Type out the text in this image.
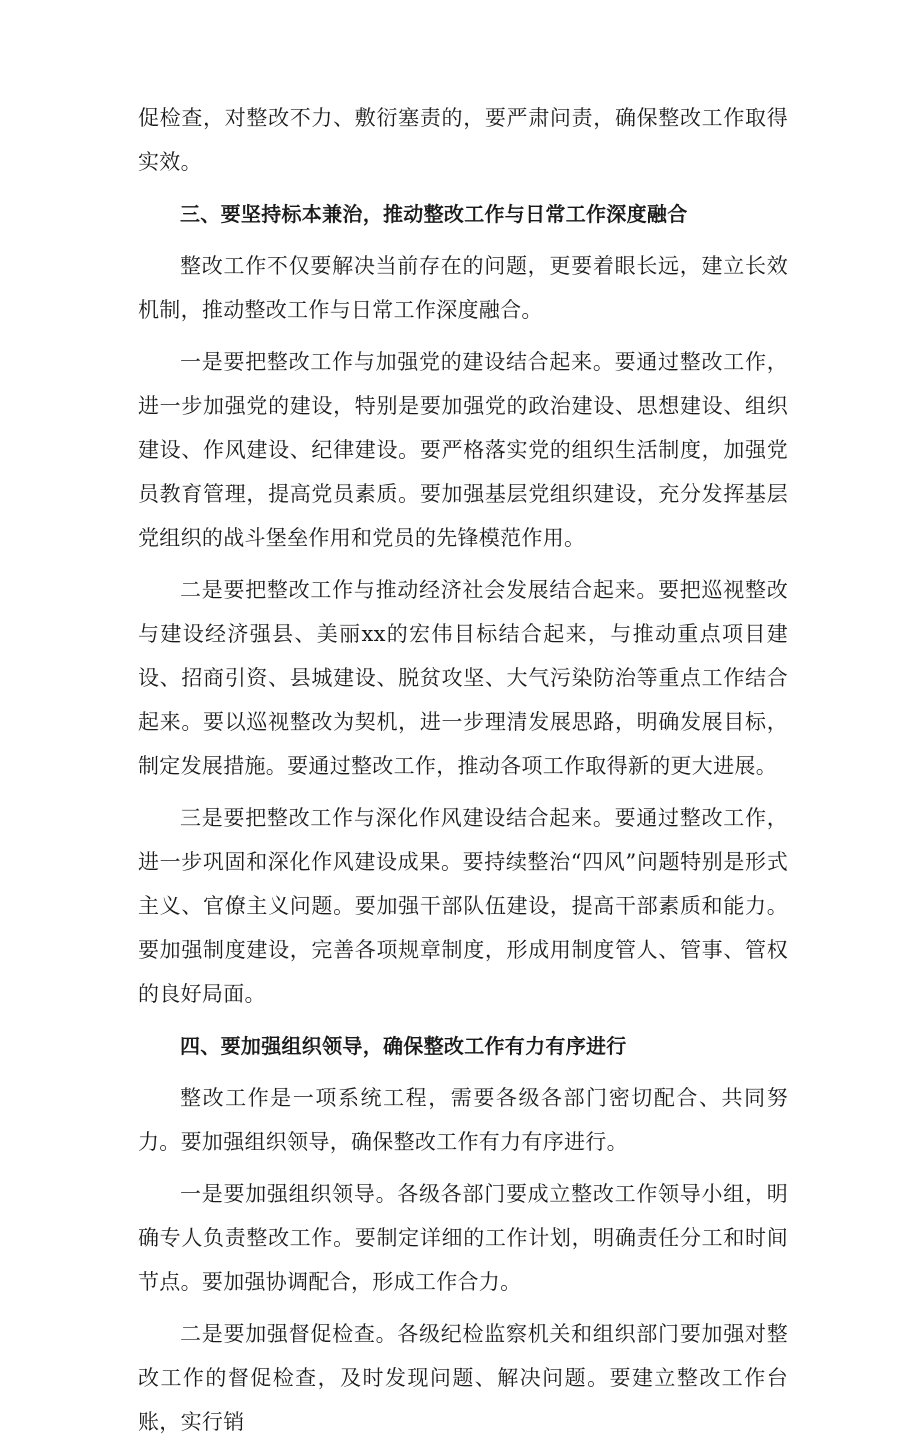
促检查，对整改不力、敷衍塞责的，要严肃问责，确保整改工作取得实效。

三、要坚持标本兼治，推动整改工作与日常工作深度融合

整改工作不仅要解决当前存在的问题，更要着眼长远，建立长效机制，推动整改工作与日常工作深度融合。

一是要把整改工作与加强党的建设结合起来。要通过整改工作，进一步加强党的建设，特别是要加强党的政治建设、思想建设、组织建设、作风建设、纪律建设。要严格落实党的组织生活制度，加强党员教育管理，提高党员素质。要加强基层党组织建设，充分发挥基层党组织的战斗堡垒作用和党员的先锋模范作用。

二是要把整改工作与推动经济社会发展结合起来。要把巡视整改与建设经济强县、美丽xx的宏伟目标结合起来，与推动重点项目建设、招商引资、县城建设、脱贫攻坚、大气污染防治等重点工作结合起来。要以巡视整改为契机，进一步理清发展思路，明确发展目标，制定发展措施。要通过整改工作，推动各项工作取得新的更大进展。

三是要把整改工作与深化作风建设结合起来。要通过整改工作，进一步巩固和深化作风建设成果。要持续整治“四风”问题特别是形式主义、官僚主义问题。要加强干部队伍建设，提高干部素质和能力。要加强制度建设，完善各项规章制度，形成用制度管人、管事、管权的良好局面。

四、要加强组织领导，确保整改工作有力有序进行

整改工作是一项系统工程，需要各级各部门密切配合、共同努力。要加强组织领导，确保整改工作有力有序进行。

一是要加强组织领导。各级各部门要成立整改工作领导小组，明确专人负责整改工作。要制定详细的工作计划，明确责任分工和时间节点。要加强协调配合，形成工作合力。

二是要加强督促检查。各级纪检监察机关和组织部门要加强对整改工作的督促检查，及时发现问题、解决问题。要建立整改工作台账，实行销
